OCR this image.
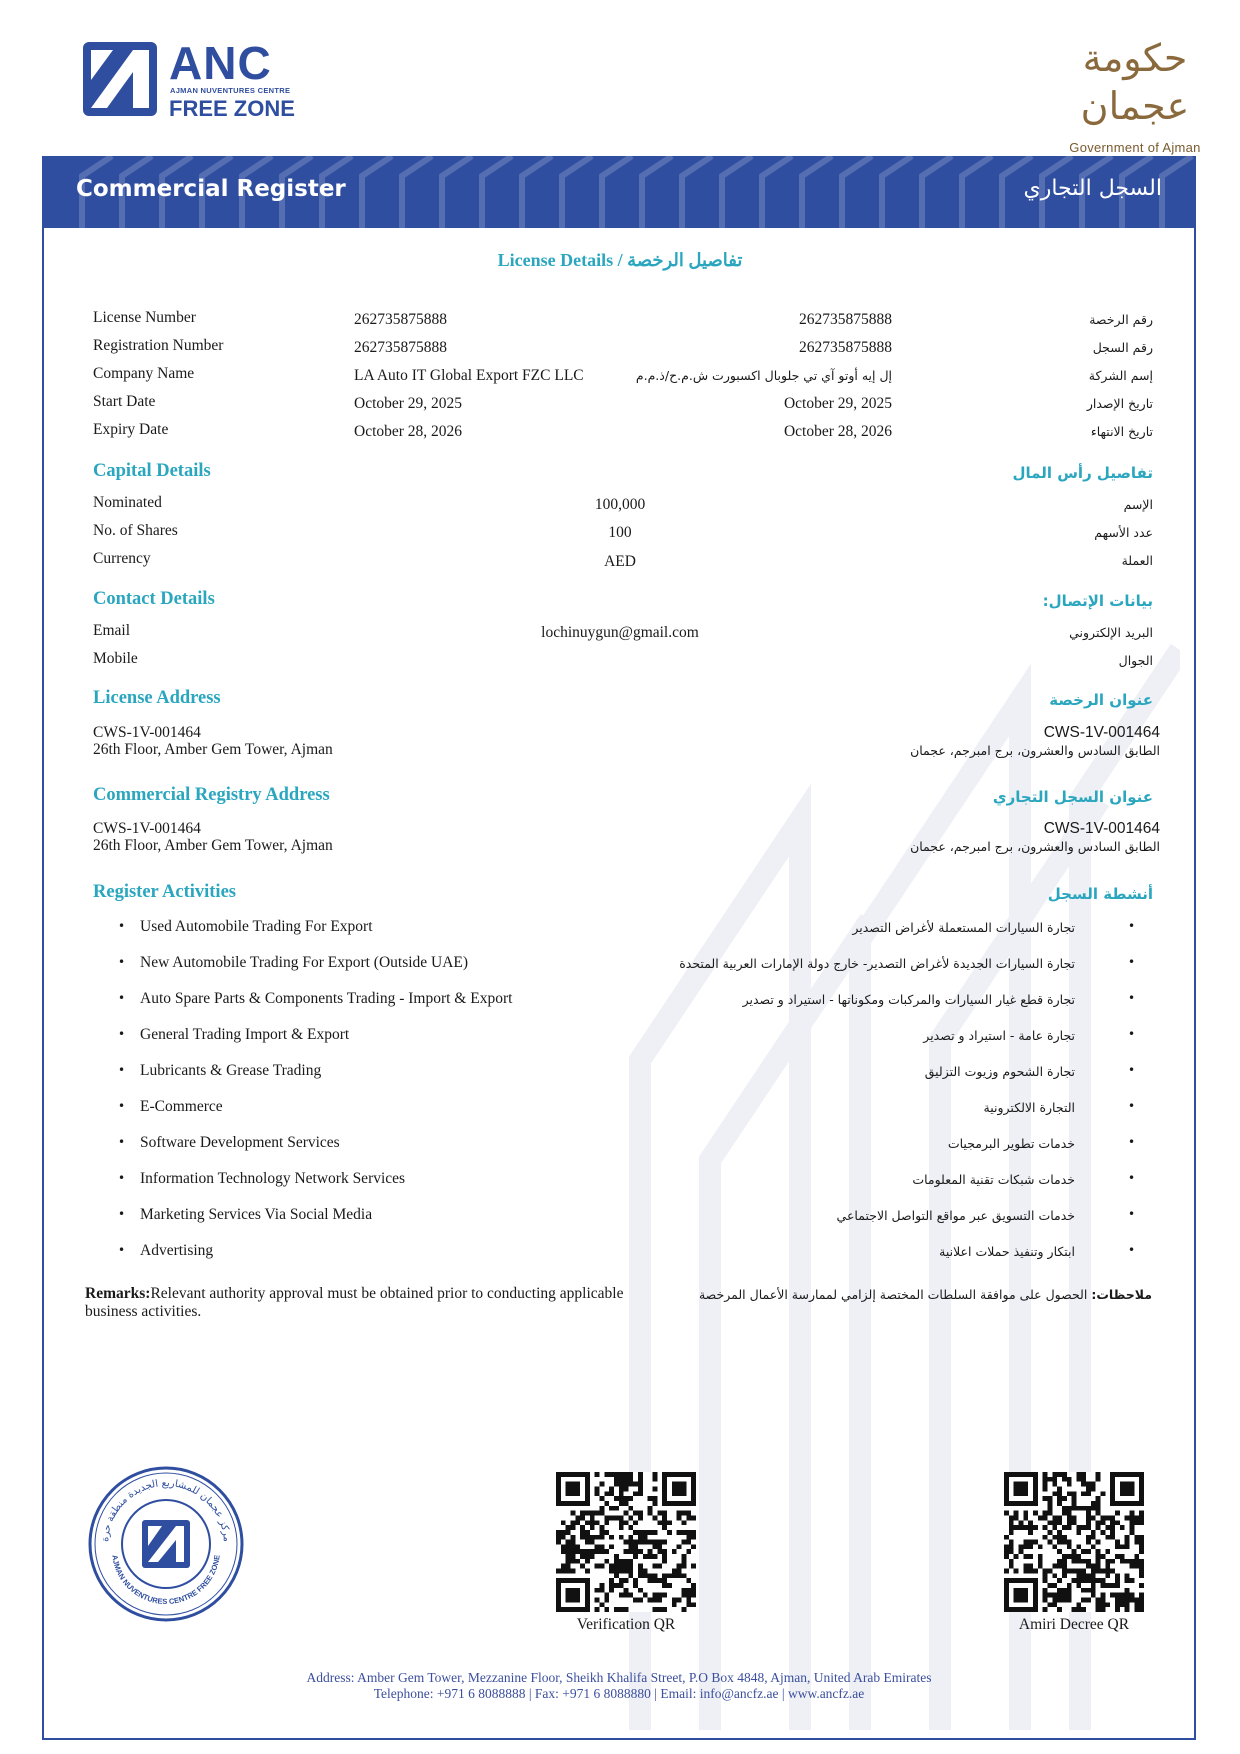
ANC
AJMAN NUVENTURES CENTRE
FREE ZONE
حكومة عجمان
Government of Ajman
Commercial Register	السجل التجاري
License Details / تفاصيل الرخصة
License Number	262735875888	262735875888	رقم الرخصة
Registration Number	262735875888	262735875888	رقم السجل
Company Name	LA Auto IT Global Export FZC LLC	إل إيه أوتو آي تي جلوبال اكسبورت ش.م.ح/ذ.م.م	إسم الشركة
Start Date	October 29, 2025	October 29, 2025	تاريخ الإصدار
Expiry Date	October 28, 2026	October 28, 2026	تاريخ الانتهاء
Capital Details	تفاصيل رأس المال
Nominated	100,000	الإسم
No. of Shares	100	عدد الأسهم
Currency	AED	العملة
Contact Details	بيانات الإتصال:
Email	lochinuygun@gmail.com	البريد الإلكتروني
Mobile	الجوال
License Address	عنوان الرخصة
CWS-1V-001464
26th Floor, Amber Gem Tower, Ajman
CWS-1V-001464
الطابق السادس والعشرون، برج امبرجم، عجمان
Commercial Registry Address	عنوان السجل التجاري
CWS-1V-001464
26th Floor, Amber Gem Tower, Ajman
CWS-1V-001464
الطابق السادس والعشرون، برج امبرجم، عجمان
Register Activities	أنشطة السجل
• Used Automobile Trading For Export	تجارة السيارات المستعملة لأغراض التصدير	•
• New Automobile Trading For Export (Outside UAE)	تجارة السيارات الجديدة لأغراض التصدير- خارج دولة الإمارات العربية المتحدة	•
• Auto Spare Parts & Components Trading - Import & Export	تجارة قطع غيار السيارات والمركبات ومكوناتها - استيراد و تصدير	•
• General Trading Import & Export	تجارة عامة - استيراد و تصدير	•
• Lubricants & Grease Trading	تجارة الشحوم وزيوت التزليق	•
• E-Commerce	التجارة الالكترونية	•
• Software Development Services	خدمات تطوير البرمجيات	•
• Information Technology Network Services	خدمات شبكات تقنية المعلومات	•
• Marketing Services Via Social Media	خدمات التسويق عبر مواقع التواصل الاجتماعي	•
• Advertising	ابتكار وتنفيذ حملات اعلانية	•
Remarks:Relevant authority approval must be obtained prior to conducting applicable business activities.
ملاحظات: الحصول على موافقة السلطات المختصة إلزامي لممارسة الأعمال المرخصة
مركز عجمان للمشاريع الجديدة منطقة حرة
AJMAN NUVENTURES CENTRE FREE ZONE
Verification QR	Amiri Decree QR
Address: Amber Gem Tower, Mezzanine Floor, Sheikh Khalifa Street, P.O Box 4848, Ajman, United Arab Emirates
Telephone: +971 6 8088888 | Fax: +971 6 8088880 | Email: info@ancfz.ae | www.ancfz.ae
